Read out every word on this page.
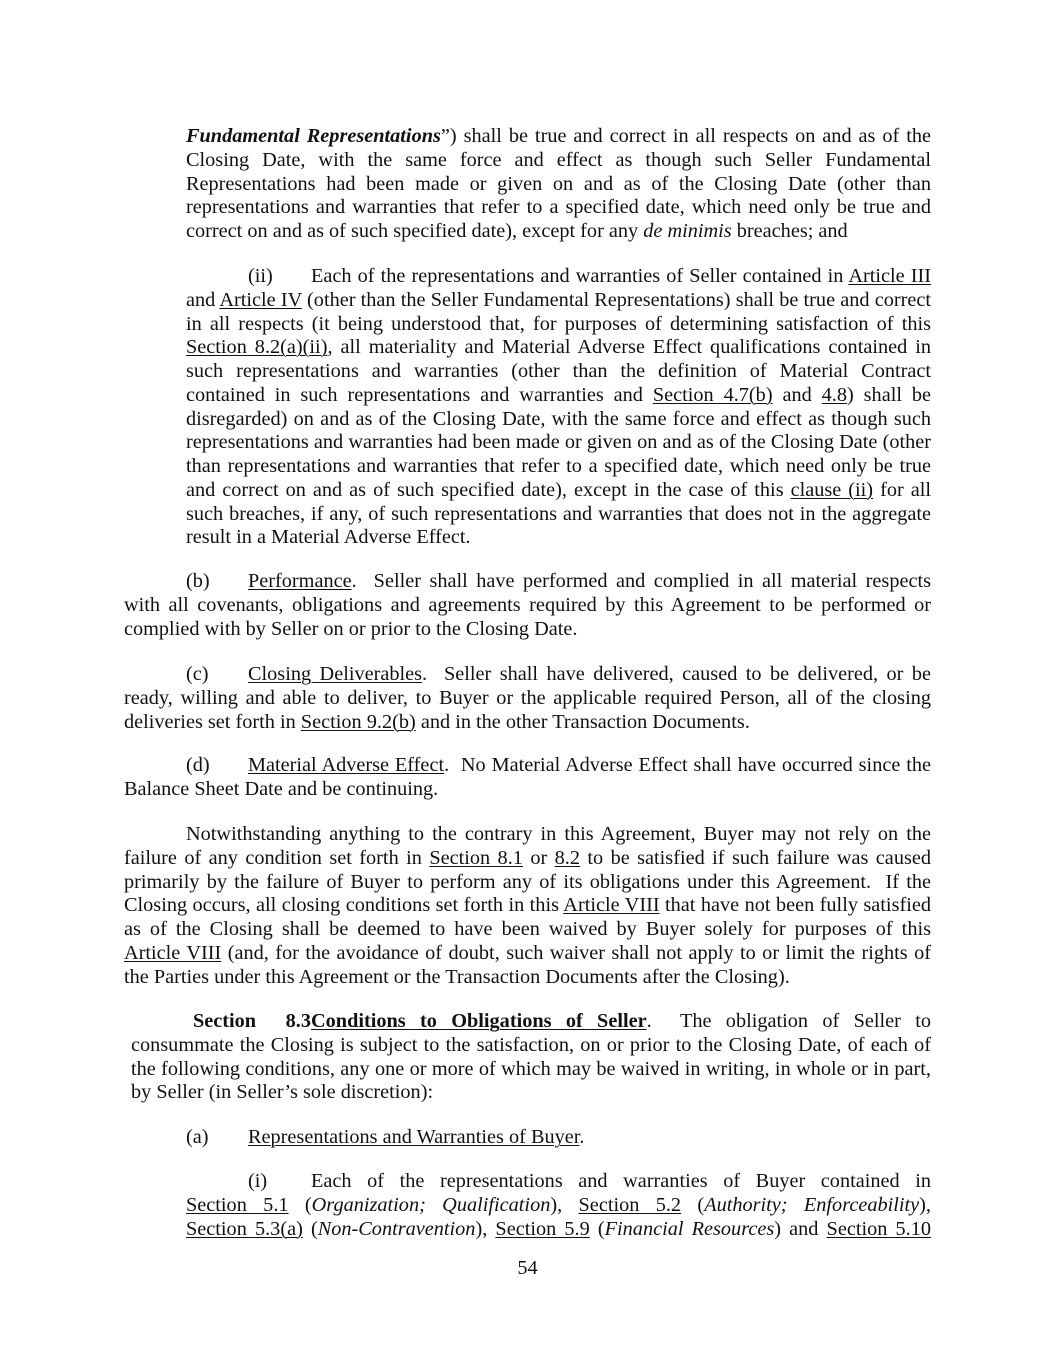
Fundamental Representations”) shall be true and correct in all respects on and as of the
Closing Date, with the same force and effect as though such Seller Fundamental
Representations had been made or given on and as of the Closing Date (other than
representations and warranties that refer to a specified date, which need only be true and
correct on and as of such specified date), except for any de minimis breaches; and
(ii) Each of the representations and warranties of Seller contained in Article III
and Article IV (other than the Seller Fundamental Representations) shall be true and correct
in all respects (it being understood that, for purposes of determining satisfaction of this
Section 8.2(a)(ii), all materiality and Material Adverse Effect qualifications contained in
such representations and warranties (other than the definition of Material Contract
contained in such representations and warranties and Section 4.7(b) and 4.8) shall be
disregarded) on and as of the Closing Date, with the same force and effect as though such
representations and warranties had been made or given on and as of the Closing Date (other
than representations and warranties that refer to a specified date, which need only be true
and correct on and as of such specified date), except in the case of this clause (ii) for all
such breaches, if any, of such representations and warranties that does not in the aggregate
result in a Material Adverse Effect.
(b) Performance.  Seller shall have performed and complied in all material respects
with all covenants, obligations and agreements required by this Agreement to be performed or
complied with by Seller on or prior to the Closing Date.
(c) Closing Deliverables.  Seller shall have delivered, caused to be delivered, or be
ready, willing and able to deliver, to Buyer or the applicable required Person, all of the closing
deliveries set forth in Section 9.2(b) and in the other Transaction Documents.
(d) Material Adverse Effect.  No Material Adverse Effect shall have occurred since the
Balance Sheet Date and be continuing.
Notwithstanding anything to the contrary in this Agreement, Buyer may not rely on the
failure of any condition set forth in Section 8.1 or 8.2 to be satisfied if such failure was caused
primarily by the failure of Buyer to perform any of its obligations under this Agreement.  If the
Closing occurs, all closing conditions set forth in this Article VIII that have not been fully satisfied
as of the Closing shall be deemed to have been waived by Buyer solely for purposes of this
Article VIII (and, for the avoidance of doubt, such waiver shall not apply to or limit the rights of
the Parties under this Agreement or the Transaction Documents after the Closing).
Section 8.3Conditions to Obligations of Seller.  The obligation of Seller to
consummate the Closing is subject to the satisfaction, on or prior to the Closing Date, of each of
the following conditions, any one or more of which may be waived in writing, in whole or in part,
by Seller (in Seller’s sole discretion):
(a) Representations and Warranties of Buyer.
(i) Each of the representations and warranties of Buyer contained in
Section 5.1 (Organization; Qualification), Section 5.2 (Authority; Enforceability),
Section 5.3(a) (Non-Contravention), Section 5.9 (Financial Resources) and Section 5.10
54
